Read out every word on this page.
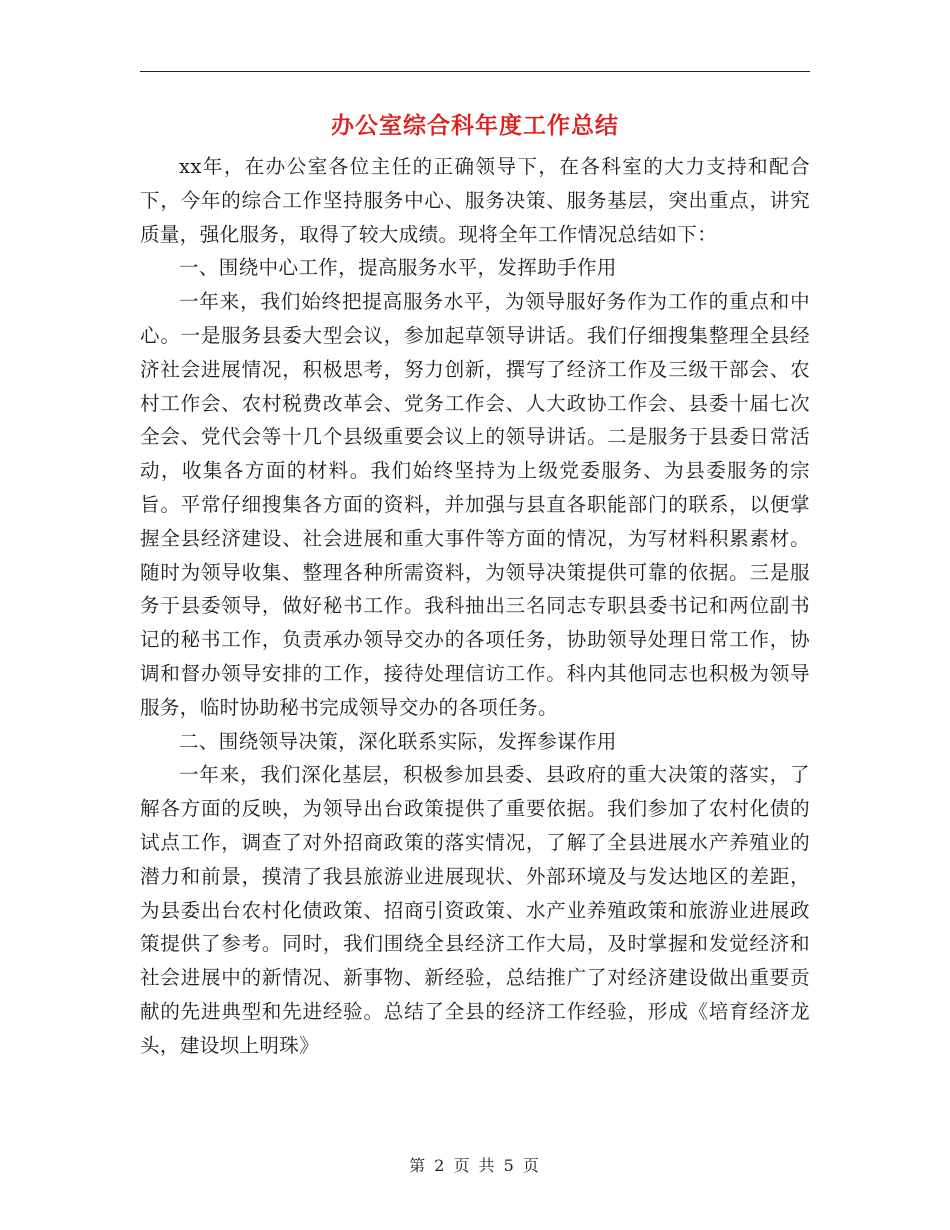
办公室综合科年度工作总结

xx年，在办公室各位主任的正确领导下，在各科室的大力支持和配合下，今年的综合工作坚持服务中心、服务决策、服务基层，突出重点，讲究质量，强化服务，取得了较大成绩。现将全年工作情况总结如下：

一、围绕中心工作，提高服务水平，发挥助手作用

一年来，我们始终把提高服务水平，为领导服好务作为工作的重点和中心。一是服务县委大型会议，参加起草领导讲话。我们仔细搜集整理全县经济社会进展情况，积极思考，努力创新，撰写了经济工作及三级干部会、农村工作会、农村税费改革会、党务工作会、人大政协工作会、县委十届七次全会、党代会等十几个县级重要会议上的领导讲话。二是服务于县委日常活动，收集各方面的材料。我们始终坚持为上级党委服务、为县委服务的宗旨。平常仔细搜集各方面的资料，并加强与县直各职能部门的联系，以便掌握全县经济建设、社会进展和重大事件等方面的情况，为写材料积累素材。随时为领导收集、整理各种所需资料，为领导决策提供可靠的依据。三是服务于县委领导，做好秘书工作。我科抽出三名同志专职县委书记和两位副书记的秘书工作，负责承办领导交办的各项任务，协助领导处理日常工作，协调和督办领导安排的工作，接待处理信访工作。科内其他同志也积极为领导服务，临时协助秘书完成领导交办的各项任务。

二、围绕领导决策，深化联系实际，发挥参谋作用

一年来，我们深化基层，积极参加县委、县政府的重大决策的落实，了解各方面的反映，为领导出台政策提供了重要依据。我们参加了农村化债的试点工作，调查了对外招商政策的落实情况，了解了全县进展水产养殖业的潜力和前景，摸清了我县旅游业进展现状、外部环境及与发达地区的差距，为县委出台农村化债政策、招商引资政策、水产业养殖政策和旅游业进展政策提供了参考。同时，我们围绕全县经济工作大局，及时掌握和发觉经济和社会进展中的新情况、新事物、新经验，总结推广了对经济建设做出重要贡献的先进典型和先进经验。总结了全县的经济工作经验，形成《培育经济龙头，建设坝上明珠》

第 2 页 共 5 页
